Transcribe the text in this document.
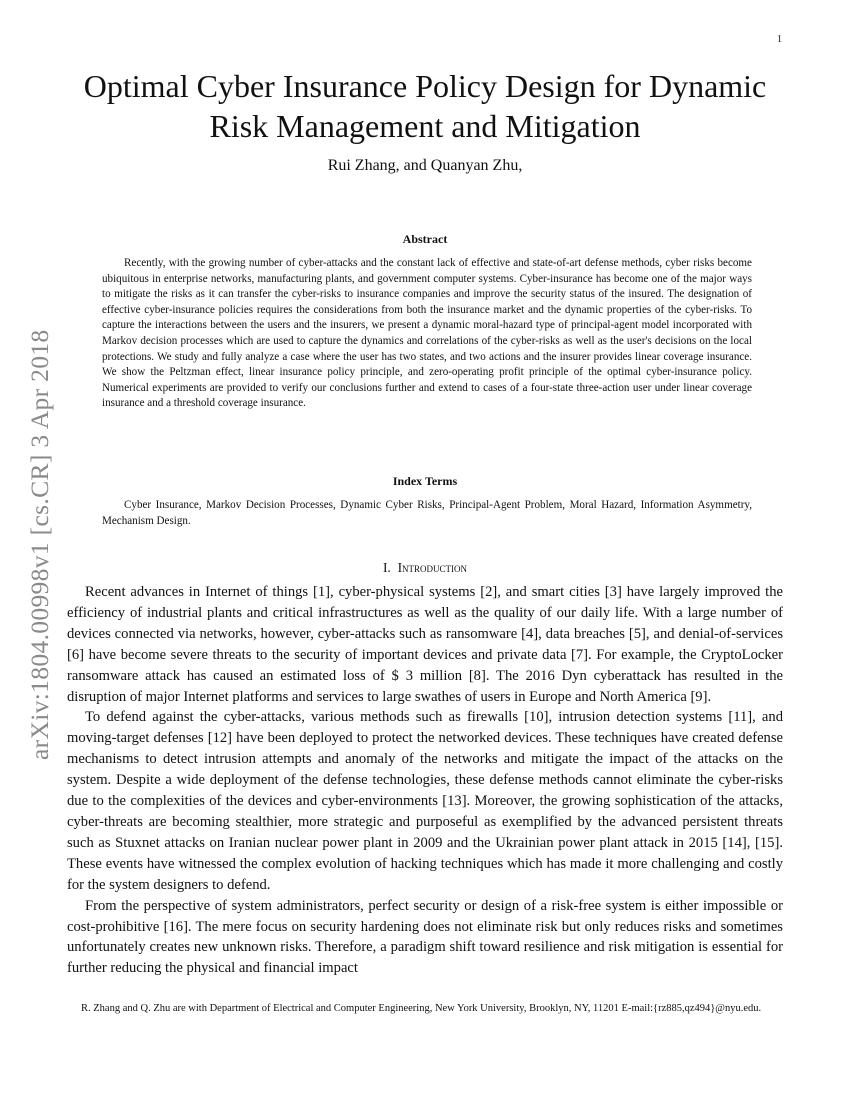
1
arXiv:1804.00998v1 [cs.CR] 3 Apr 2018
Optimal Cyber Insurance Policy Design for Dynamic Risk Management and Mitigation

Rui Zhang, and Quanyan Zhu,

Abstract

Recently, with the growing number of cyber-attacks and the constant lack of effective and state-of-art defense methods, cyber risks become ubiquitous in enterprise networks, manufacturing plants, and government computer systems. Cyber-insurance has become one of the major ways to mitigate the risks as it can transfer the cyber-risks to insurance companies and improve the security status of the insured. The designation of effective cyber-insurance policies requires the considerations from both the insurance market and the dynamic properties of the cyber-risks. To capture the interactions between the users and the insurers, we present a dynamic moral-hazard type of principal-agent model incorporated with Markov decision processes which are used to capture the dynamics and correlations of the cyber-risks as well as the user's decisions on the local protections. We study and fully analyze a case where the user has two states, and two actions and the insurer provides linear coverage insurance. We show the Peltzman effect, linear insurance policy principle, and zero-operating profit principle of the optimal cyber-insurance policy. Numerical experiments are provided to verify our conclusions further and extend to cases of a four-state three-action user under linear coverage insurance and a threshold coverage insurance.

Index Terms

Cyber Insurance, Markov Decision Processes, Dynamic Cyber Risks, Principal-Agent Problem, Moral Hazard, Information Asymmetry, Mechanism Design.

I. Introduction

Recent advances in Internet of things [1], cyber-physical systems [2], and smart cities [3] have largely improved the efficiency of industrial plants and critical infrastructures as well as the quality of our daily life. With a large number of devices connected via networks, however, cyber-attacks such as ransomware [4], data breaches [5], and denial-of-services [6] have become severe threats to the security of important devices and private data [7]. For example, the CryptoLocker ransomware attack has caused an estimated loss of $ 3 million [8]. The 2016 Dyn cyberattack has resulted in the disruption of major Internet platforms and services to large swathes of users in Europe and North America [9].

To defend against the cyber-attacks, various methods such as firewalls [10], intrusion detection systems [11], and moving-target defenses [12] have been deployed to protect the networked devices. These techniques have created defense mechanisms to detect intrusion attempts and anomaly of the networks and mitigate the impact of the attacks on the system. Despite a wide deployment of the defense technologies, these defense methods cannot eliminate the cyber-risks due to the complexities of the devices and cyber-environments [13]. Moreover, the growing sophistication of the attacks, cyber-threats are becoming stealthier, more strategic and purposeful as exemplified by the advanced persistent threats such as Stuxnet attacks on Iranian nuclear power plant in 2009 and the Ukrainian power plant attack in 2015 [14], [15]. These events have witnessed the complex evolution of hacking techniques which has made it more challenging and costly for the system designers to defend.

From the perspective of system administrators, perfect security or design of a risk-free system is either impossible or cost-prohibitive [16]. The mere focus on security hardening does not eliminate risk but only reduces risks and sometimes unfortunately creates new unknown risks. Therefore, a paradigm shift toward resilience and risk mitigation is essential for further reducing the physical and financial impact

R. Zhang and Q. Zhu are with Department of Electrical and Computer Engineering, New York University, Brooklyn, NY, 11201 E-mail:{rz885,qz494}@nyu.edu.
